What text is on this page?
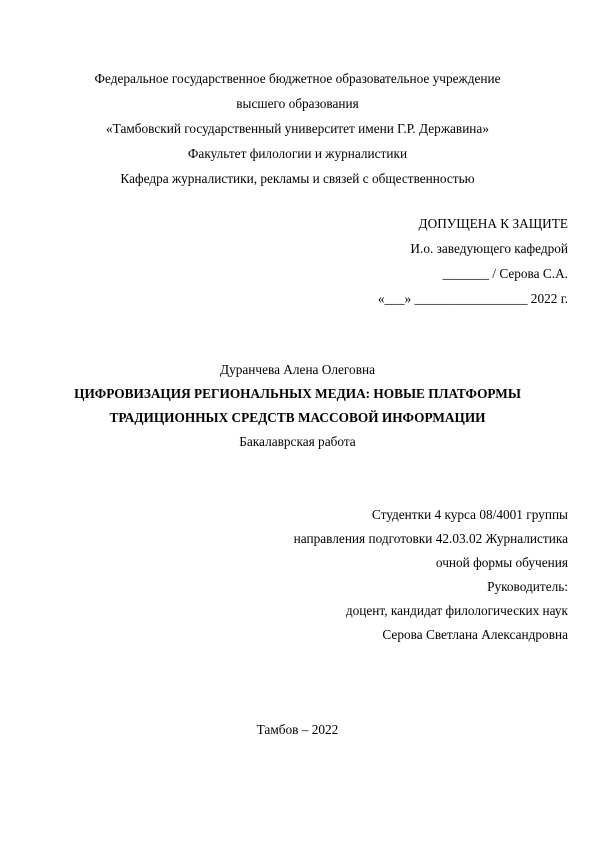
Федеральное государственное бюджетное образовательное учреждение
высшего образования
«Тамбовский государственный университет имени Г.Р. Державина»
Факультет филологии и журналистики
Кафедра журналистики, рекламы и связей с общественностью
ДОПУЩЕНА К ЗАЩИТЕ
И.о. заведующего кафедрой
_______ / Серова С.А.
«___» _________________ 2022 г.
Дуранчева Алена Олеговна
ЦИФРОВИЗАЦИЯ РЕГИОНАЛЬНЫХ МЕДИА: НОВЫЕ ПЛАТФОРМЫ
ТРАДИЦИОННЫХ СРЕДСТВ МАССОВОЙ ИНФОРМАЦИИ
Бакалаврская работа
Студентки 4 курса 08/4001 группы
направления подготовки 42.03.02 Журналистика
очной формы обучения
Руководитель:
доцент, кандидат филологических наук
Серова Светлана Александровна
Тамбов – 2022
